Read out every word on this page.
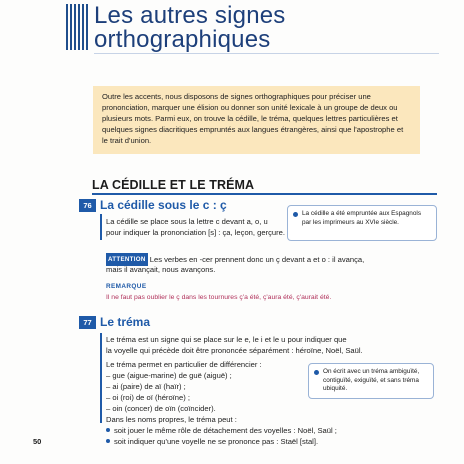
Les autres signes
orthographiques
Outre les accents, nous disposons de signes orthographiques pour préciser une prononciation, marquer une élision ou donner son unité lexicale à un groupe de deux ou plusieurs mots. Parmi eux, on trouve la cédille, le tréma, quelques lettres particulières et quelques signes diacritiques empruntés aux langues étrangères, ainsi que l'apostrophe et le trait d'union.
LA CÉDILLE ET LE TRÉMA
76 La cédille sous le c : ç
La cédille se place sous la lettre c devant a, o, u
pour indiquer la prononciation [s] : ça, leçon, gerçure.
La cédille a été empruntée aux Espagnols par les imprimeurs au XVIe siècle.
ATTENTION Les verbes en -cer prennent donc un ç devant a et o : il avança,
mais il avançait, nous avançons.
REMARQUE
Il ne faut pas oublier le ç dans les tournures ç'a été, ç'aura été, ç'aurait été.
77 Le tréma
Le tréma est un signe qui se place sur le e, le i et le u pour indiquer que
la voyelle qui précède doit être prononcée séparément : héroïne, Noël, Saül.
Le tréma permet en particulier de différencier :
– gue (aigue-marine) de guë (aiguë) ;
– ai (paire) de aï (haïr) ;
– oi (roi) de oï (héroïne) ;
– oin (concer) de oïn (coïncider).
Dans les noms propres, le tréma peut :
soit jouer le même rôle de détachement des voyelles : Noël, Saül ;
soit indiquer qu'une voyelle ne se prononce pas : Staël [stal].
On écrit avec un tréma ambiguïté, contiguïté, exiguïté, et sans tréma ubiquité.
50
